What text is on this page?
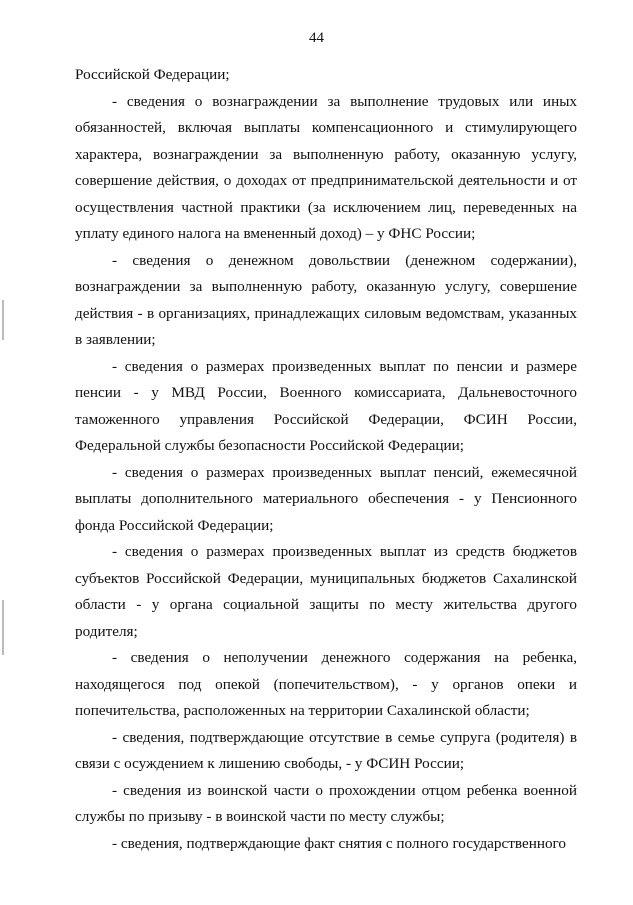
44

Российской Федерации;

- сведения о вознаграждении за выполнение трудовых или иных обязанностей, включая выплаты компенсационного и стимулирующего характера, вознаграждении за выполненную работу, оказанную услугу, совершение действия, о доходах от предпринимательской деятельности и от осуществления частной практики (за исключением лиц, переведенных на уплату единого налога на вмененный доход) – у ФНС России;

- сведения о денежном довольствии (денежном содержании), вознаграждении за выполненную работу, оказанную услугу, совершение действия - в организациях, принадлежащих силовым ведомствам, указанных в заявлении;

- сведения о размерах произведенных выплат по пенсии и размере пенсии - у МВД России, Военного комиссариата, Дальневосточного таможенного управления Российской Федерации, ФСИН России, Федеральной службы безопасности Российской Федерации;

- сведения о размерах произведенных выплат пенсий, ежемесячной выплаты дополнительного материального обеспечения - у Пенсионного фонда Российской Федерации;

- сведения о размерах произведенных выплат из средств бюджетов субъектов Российской Федерации, муниципальных бюджетов Сахалинской области - у органа социальной защиты по месту жительства другого родителя;

- сведения о неполучении денежного содержания на ребенка, находящегося под опекой (попечительством), - у органов опеки и попечительства, расположенных на территории Сахалинской области;

- сведения, подтверждающие отсутствие в семье супруга (родителя) в связи с осуждением к лишению свободы, - у ФСИН России;

- сведения из воинской части о прохождении отцом ребенка военной службы по призыву - в воинской части по месту службы;

- сведения, подтверждающие факт снятия с полного государственного
